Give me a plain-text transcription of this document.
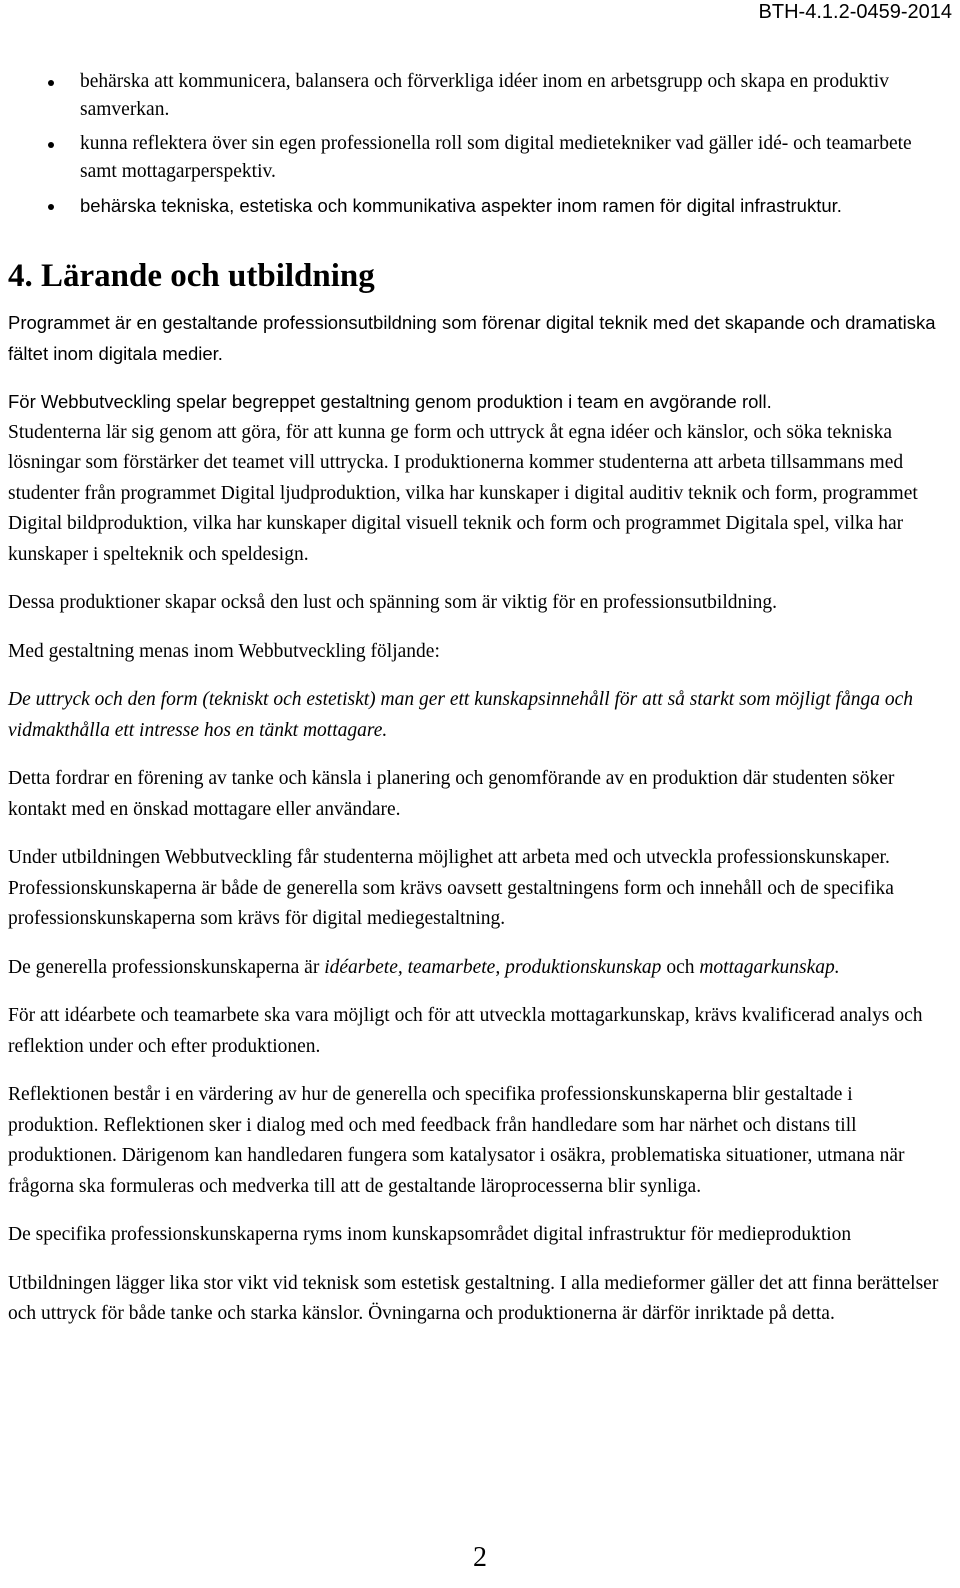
BTH-4.1.2-0459-2014
behärska att kommunicera, balansera och förverkliga idéer inom en arbetsgrupp och skapa en produktiv samverkan.
kunna reflektera över sin egen professionella roll som digital medietekniker vad gäller idé- och teamarbete samt mottagarperspektiv.
behärska tekniska, estetiska och kommunikativa aspekter inom ramen för digital infrastruktur.
4. Lärande och utbildning

Programmet är en gestaltande professionsutbildning som förenar digital teknik med det skapande och dramatiska fältet inom digitala medier.

För Webbutveckling spelar begreppet gestaltning genom produktion i team en avgörande roll.

Studenterna lär sig genom att göra, för att kunna ge form och uttryck åt egna idéer och känslor, och söka tekniska lösningar som förstärker det teamet vill uttrycka. I produktionerna kommer studenterna att arbeta tillsammans med studenter från programmet Digital ljudproduktion, vilka har kunskaper i digital auditiv teknik och form, programmet Digital bildproduktion, vilka har kunskaper digital visuell teknik och form och programmet Digitala spel, vilka har kunskaper i spelteknik och speldesign.

Dessa produktioner skapar också den lust och spänning som är viktig för en professionsutbildning.

Med gestaltning menas inom Webbutveckling följande:

De uttryck och den form (tekniskt och estetiskt) man ger ett kunskapsinnehåll för att så starkt som möjligt fånga och vidmakthålla ett intresse hos en tänkt mottagare.

Detta fordrar en förening av tanke och känsla i planering och genomförande av en produktion där studenten söker kontakt med en önskad mottagare eller användare.

Under utbildningen Webbutveckling får studenterna möjlighet att arbeta med och utveckla professionskunskaper. Professionskunskaperna är både de generella som krävs oavsett gestaltningens form och innehåll och de specifika professionskunskaperna som krävs för digital mediegestaltning.

De generella professionskunskaperna är idéarbete, teamarbete, produktionskunskap och mottagarkunskap.

För att idéarbete och teamarbete ska vara möjligt och för att utveckla mottagarkunskap, krävs kvalificerad analys och reflektion under och efter produktionen.

Reflektionen består i en värdering av hur de generella och specifika professionskunskaperna blir gestaltade i produktion. Reflektionen sker i dialog med och med feedback från handledare som har närhet och distans till produktionen. Därigenom kan handledaren fungera som katalysator i osäkra, problematiska situationer, utmana när frågorna ska formuleras och medverka till att de gestaltande läroprocesserna blir synliga.

De specifika professionskunskaperna ryms inom kunskapsområdet digital infrastruktur för medieproduktion

Utbildningen lägger lika stor vikt vid teknisk som estetisk gestaltning. I alla medieformer gäller det att finna berättelser och uttryck för både tanke och starka känslor. Övningarna och produktionerna är därför inriktade på detta.

2
